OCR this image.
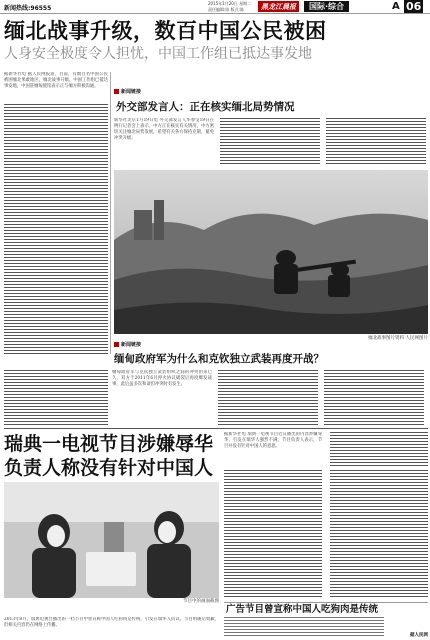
新闻热线:96555
2015年1月20日 星期二
责任编辑:陈 版式:陈	黑龙江晨报	国际·综合	A 06
缅北战事升级，数百中国公民被困
人身安全极度令人担忧，中国工作组已抵达事发地
据新华社电 据人民网报道，目前，有数百名中国公民被困缅北果敢地区。缅北战事升级，中国工作组已抵达事发地，中国驻缅甸使馆表示正与缅方积极沟通。
新闻链接
外交部发言人：正在核实缅北局势情况
新华社北京1月19日电 外交部发言人华春莹19日在例行记者会上表示，中方正在核实有关情况，中方密切关注缅北局势发展，希望有关各方保持克制，避免冲突升级。
缅北战事图片资料 人民网图片
新闻链接
缅甸政府军为什么和克钦独立武装再度开战？
缅甸政府军与克钦独立武装组织之间的冲突由来已久，双方于2011年6月停火协议破裂后再度爆发战事，此后虽多次和谈但冲突时有发生。
瑞典一电视节目涉嫌辱华
负责人称没有针对中国人
节目中的画面截图
据新华社电 瑞典一电视节目近日播出的内容涉嫌辱华，引发在瑞华人强烈不满。节目负责人表示，节目并没有针对中国人的意思。
广告节目曾宣称中国人吃狗肉是传统
2013年8月，瑞典电视台播出的一档节目中曾宣称中国人吃狗肉是传统，引发在瑞华人抗议。节目组随后致歉，但相关内容仍在网络上传播。
据人民网
